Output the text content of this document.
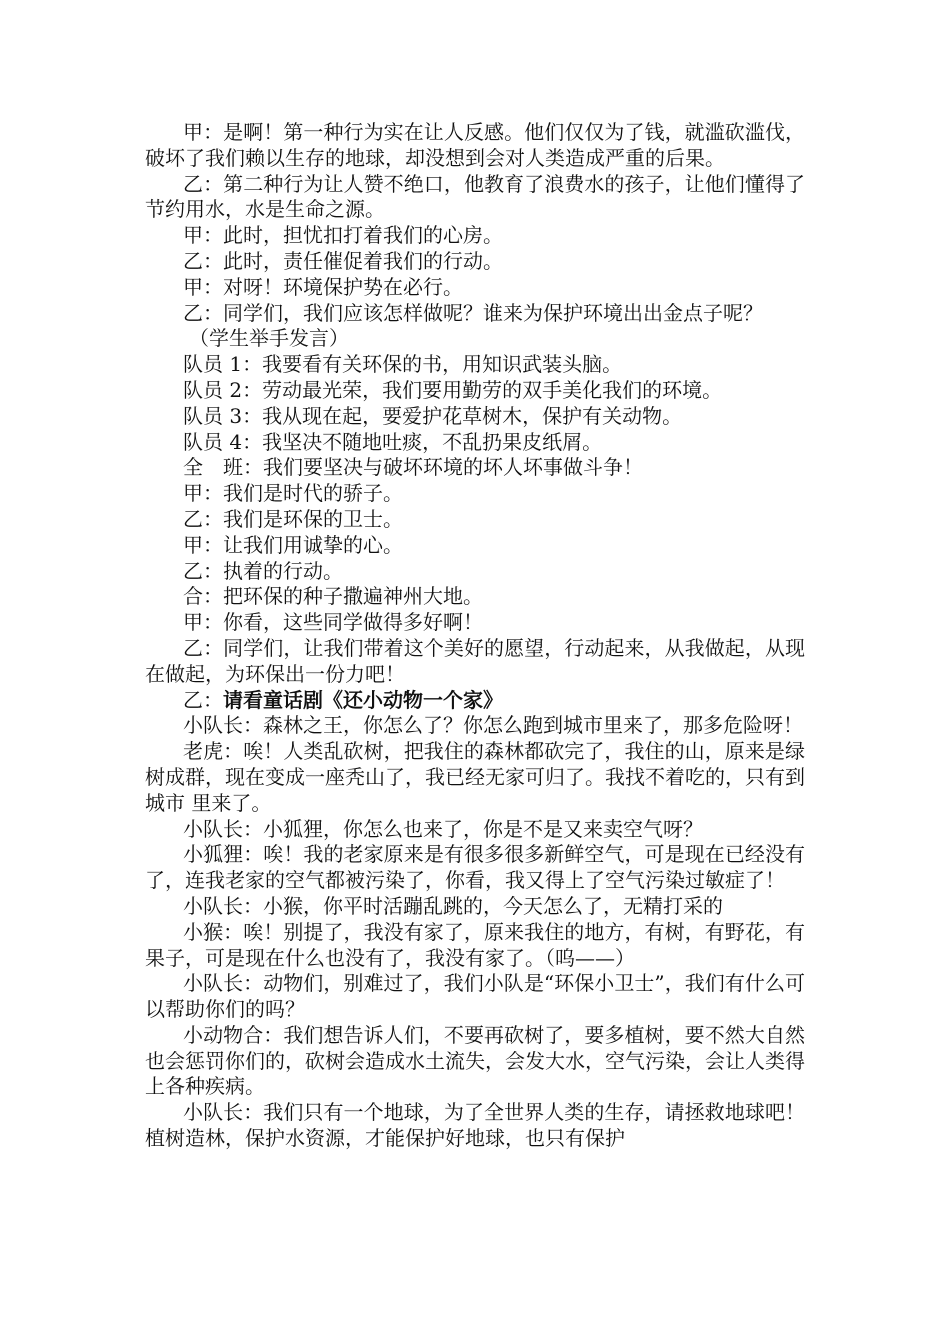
甲：是啊！第一种行为实在让人反感。他们仅仅为了钱，就滥砍滥伐，破坏了我们赖以生存的地球，却没想到会对人类造成严重的后果。

乙：第二种行为让人赞不绝口，他教育了浪费水的孩子，让他们懂得了节约用水，水是生命之源。

甲：此时，担忧扣打着我们的心房。

乙：此时，责任催促着我们的行动。

甲：对呀！环境保护势在必行。

乙：同学们，我们应该怎样做呢？谁来为保护环境出出金点子呢？

（学生举手发言）

队员 1：我要看有关环保的书，用知识武装头脑。

队员 2：劳动最光荣，我们要用勤劳的双手美化我们的环境。

队员 3：我从现在起，要爱护花草树木，保护有关动物。

队员 4：我坚决不随地吐痰，不乱扔果皮纸屑。

全　班：我们要坚决与破坏环境的坏人坏事做斗争！

甲：我们是时代的骄子。

乙：我们是环保的卫士。

甲：让我们用诚挚的心。

乙：执着的行动。

合：把环保的种子撒遍神州大地。

甲：你看，这些同学做得多好啊！

乙：同学们，让我们带着这个美好的愿望，行动起来，从我做起，从现在做起，为环保出一份力吧！

乙：请看童话剧《还小动物一个家》

小队长：森林之王，你怎么了？你怎么跑到城市里来了，那多危险呀！

老虎：唉！人类乱砍树，把我住的森林都砍完了，我住的山，原来是绿树成群，现在变成一座秃山了，我已经无家可归了。我找不着吃的，只有到城市 里来了。

小队长：小狐狸，你怎么也来了，你是不是又来卖空气呀？

小狐狸：唉！我的老家原来是有很多很多新鲜空气，可是现在已经没有了，连我老家的空气都被污染了，你看，我又得上了空气污染过敏症了！

小队长：小猴，你平时活蹦乱跳的，今天怎么了，无精打采的

小猴：唉！别提了，我没有家了，原来我住的地方，有树，有野花，有果子，可是现在什么也没有了，我没有家了。（呜——）

小队长：动物们，别难过了，我们小队是“环保小卫士”，我们有什么可以帮助你们的吗？

小动物合：我们想告诉人们，不要再砍树了，要多植树，要不然大自然也会惩罚你们的，砍树会造成水土流失，会发大水，空气污染，会让人类得上各种疾病。

小队长：我们只有一个地球，为了全世界人类的生存，请拯救地球吧！植树造林，保护水资源，才能保护好地球，也只有保护
